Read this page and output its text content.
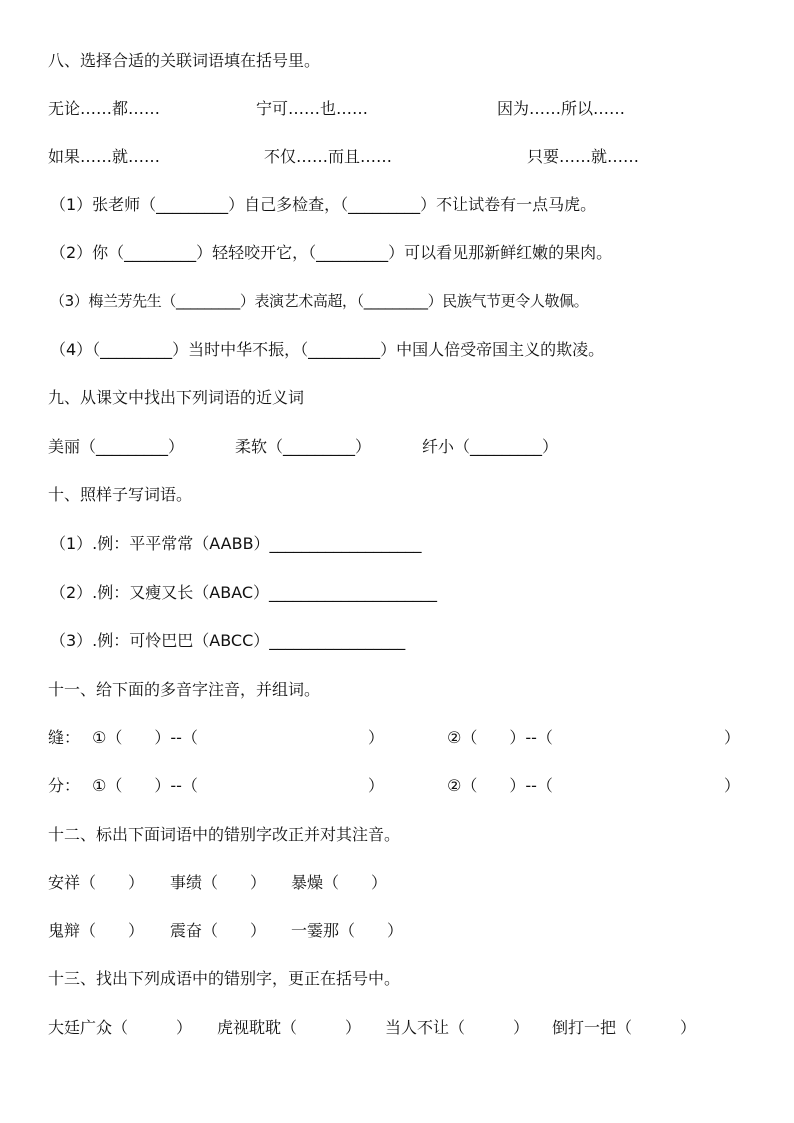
八、选择合适的关联词语填在括号里。
无论……都……	宁可……也……	因为……所以……
如果……就……	不仅……而且……	只要……就……
（1）张老师（_________）自己多检查，（_________）不让试卷有一点马虎。
（2）你（_________）轻轻咬开它，（_________）可以看见那新鲜红嫩的果肉。
（3）梅兰芳先生（_________）表演艺术高超，（_________）民族气节更令人敬佩。
（4）（_________）当时中华不振，（_________）中国人倍受帝国主义的欺凌。
九、从课文中找出下列词语的近义词
美丽（_________）	柔软（_________）	纤小（_________）
十、照样子写词语。
（1）.例：平平常常（AABB）___________________
（2）.例：又瘦又长（ABAC）_____________________
（3）.例：可怜巴巴（ABCC）_________________
十一、给下面的多音字注音，并组词。
缝： ①（　　）--（	）	②（　　）--（	）
分： ①（　　）--（	）	②（　　）--（	）
十二、标出下面词语中的错别字改正并对其注音。
安祥（　　） 事绩（　　） 暴燥（　　）
鬼辩（　　） 震奋（　　） 一霎那（　　）
十三、找出下列成语中的错别字，更正在括号中。
大廷广众（　　　） 虎视耽耽（　　　） 当人不让（　　　） 倒打一把（　　　）
